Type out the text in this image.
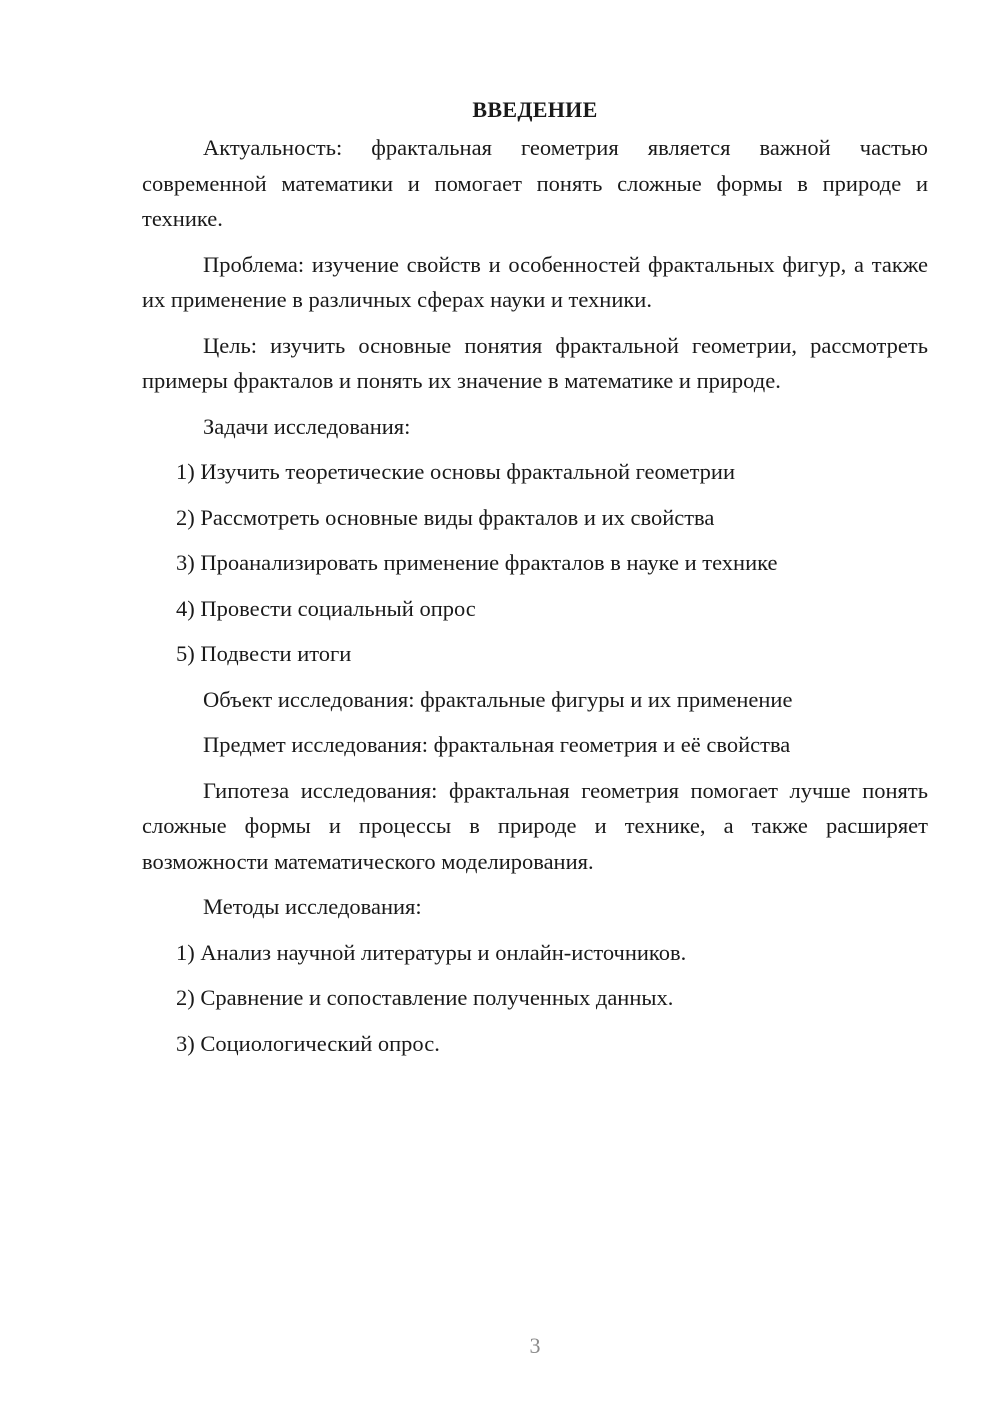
ВВЕДЕНИЕ

Актуальность: фрактальная геометрия является важной частью современной математики и помогает понять сложные формы в природе и технике.

Проблема: изучение свойств и особенностей фрактальных фигур, а также их применение в различных сферах науки и техники.

Цель: изучить основные понятия фрактальной геометрии, рассмотреть примеры фракталов и понять их значение в математике и природе.

Задачи исследования:
1) Изучить теоретические основы фрактальной геометрии
2) Рассмотреть основные виды фракталов и их свойства
3) Проанализировать применение фракталов в науке и технике
4) Провести социальный опрос
5) Подвести итоги
Объект исследования: фрактальные фигуры и их применение
Предмет исследования: фрактальная геометрия и её свойства

Гипотеза исследования: фрактальная геометрия помогает лучше понять сложные формы и процессы в природе и технике, а также расширяет возможности математического моделирования.

Методы исследования:
1) Анализ научной литературы и онлайн-источников.
2) Сравнение и сопоставление полученных данных.
3) Социологический опрос.
3
